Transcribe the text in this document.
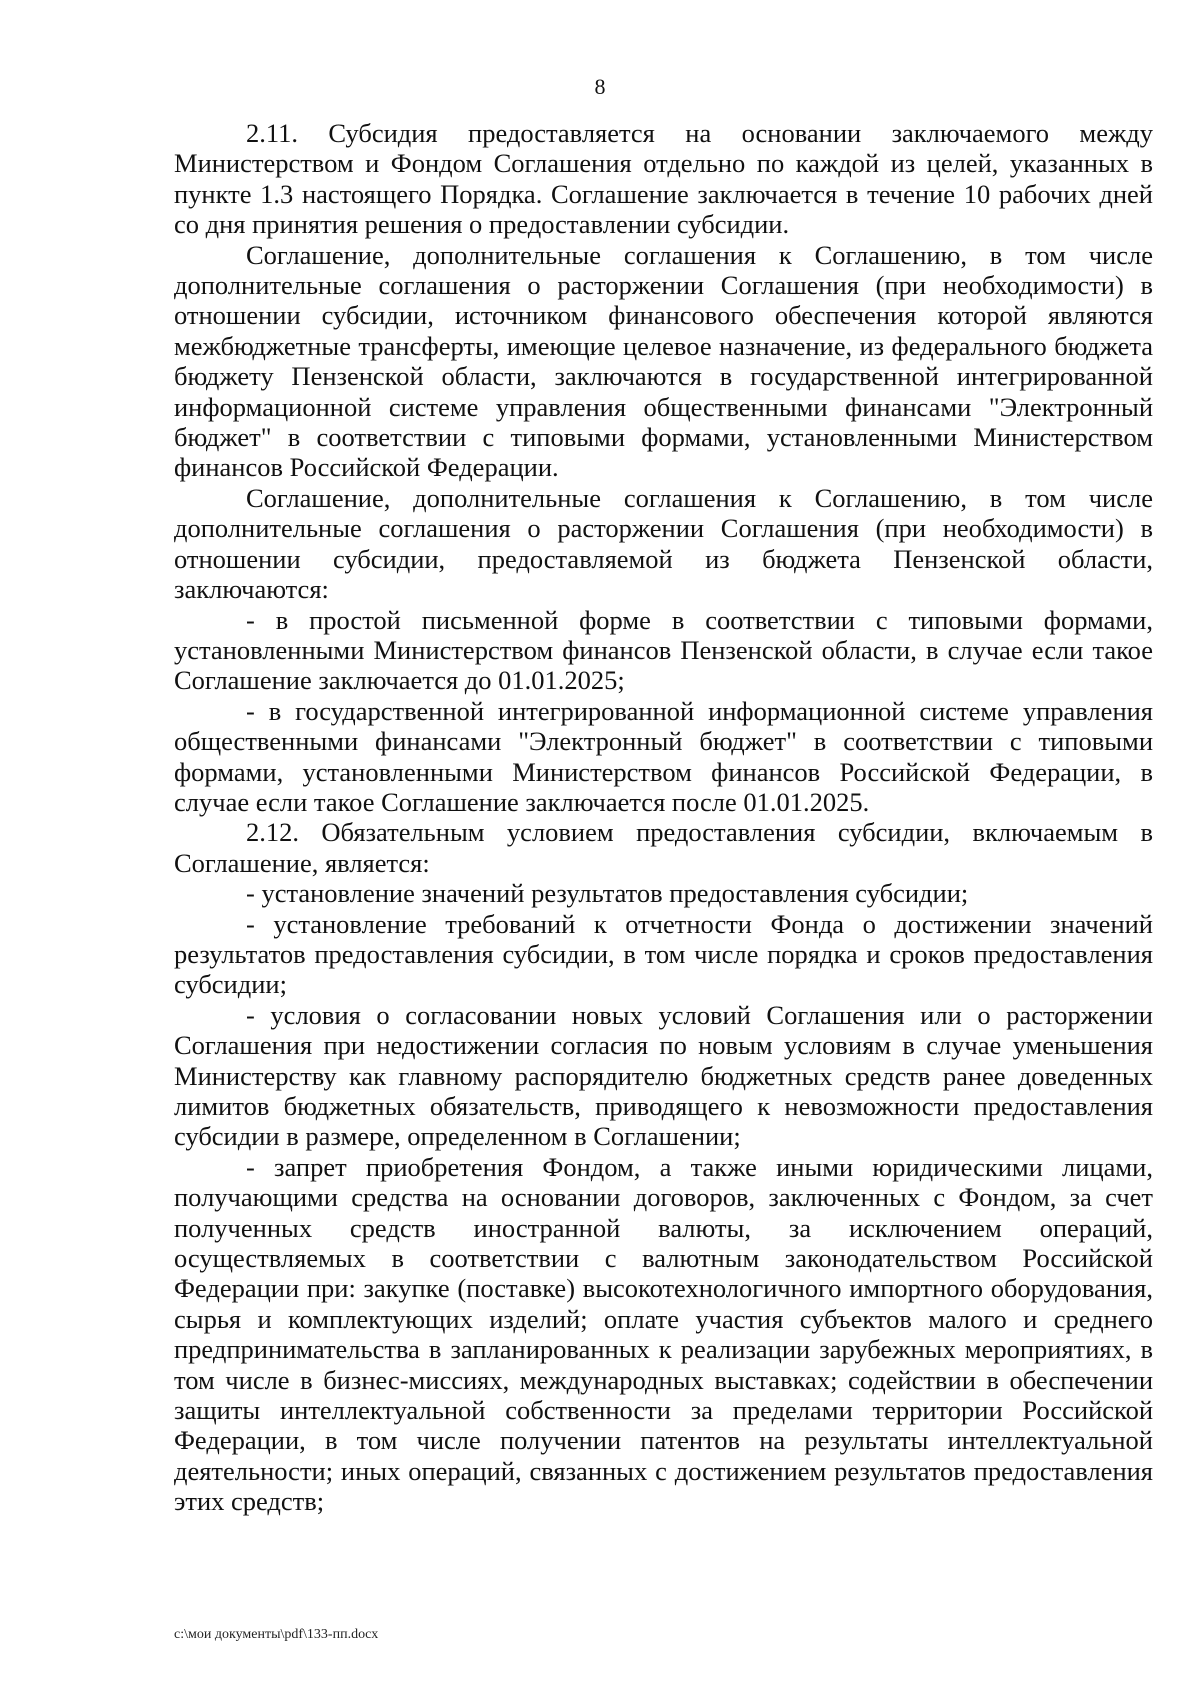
8

2.11. Субсидия предоставляется на основании заключаемого между Министерством и Фондом Соглашения отдельно по каждой из целей, указанных в пункте 1.3 настоящего Порядка. Соглашение заключается в течение 10 рабочих дней со дня принятия решения о предоставлении субсидии.

Соглашение, дополнительные соглашения к Соглашению, в том числе дополнительные соглашения о расторжении Соглашения (при необходимости) в отношении субсидии, источником финансового обеспечения которой являются межбюджетные трансферты, имеющие целевое назначение, из федерального бюджета бюджету Пензенской области, заключаются в государственной интегрированной информационной системе управления общественными финансами "Электронный бюджет" в соответствии с типовыми формами, установленными Министерством финансов Российской Федерации.

Соглашение, дополнительные соглашения к Соглашению, в том числе дополнительные соглашения о расторжении Соглашения (при необходимости) в отношении субсидии, предоставляемой из бюджета Пензенской области, заключаются:

- в простой письменной форме в соответствии с типовыми формами, установленными Министерством финансов Пензенской области, в случае если такое Соглашение заключается до 01.01.2025;

- в государственной интегрированной информационной системе управления общественными финансами "Электронный бюджет" в соответствии с типовыми формами, установленными Министерством финансов Российской Федерации, в случае если такое Соглашение заключается после 01.01.2025.

2.12. Обязательным условием предоставления субсидии, включаемым в Соглашение, является:

- установление значений результатов предоставления субсидии;

- установление требований к отчетности Фонда о достижении значений результатов предоставления субсидии, в том числе порядка и сроков предоставления субсидии;

- условия о согласовании новых условий Соглашения или о расторжении Соглашения при недостижении согласия по новым условиям в случае уменьшения Министерству как главному распорядителю бюджетных средств ранее доведенных лимитов бюджетных обязательств, приводящего к невозможности предоставления субсидии в размере, определенном в Соглашении;

- запрет приобретения Фондом, а также иными юридическими лицами, получающими средства на основании договоров, заключенных с Фондом, за счет полученных средств иностранной валюты, за исключением операций, осуществляемых в соответствии с валютным законодательством Российской Федерации при: закупке (поставке) высокотехнологичного импортного оборудования, сырья и комплектующих изделий; оплате участия субъектов малого и среднего предпринимательства в запланированных к реализации зарубежных мероприятиях, в том числе в бизнес-миссиях, международных выставках; содействии в обеспечении защиты интеллектуальной собственности за пределами территории Российской Федерации, в том числе получении патентов на результаты интеллектуальной деятельности; иных операций, связанных с достижением результатов предоставления этих средств;

c:\мои документы\pdf\133-пп.docx
